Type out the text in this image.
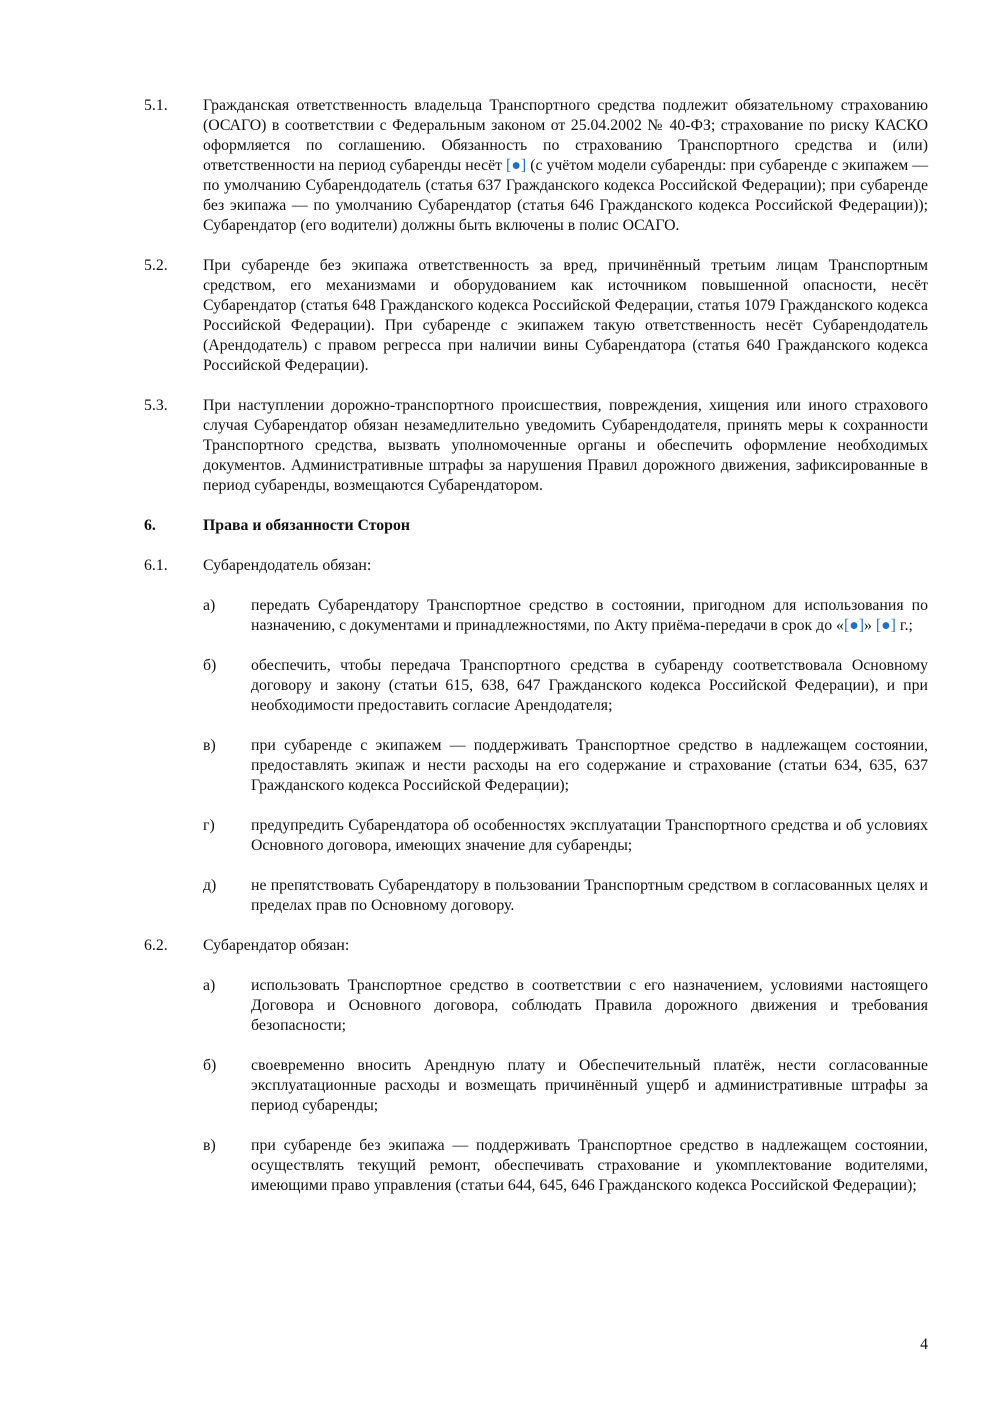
5.1.	Гражданская ответственность владельца Транспортного средства подлежит обязательному страхованию (ОСАГО) в соответствии с Федеральным законом от 25.04.2002 № 40-ФЗ; страхование по риску КАСКО оформляется по соглашению. Обязанность по страхованию Транспортного средства и (или) ответственности на период субаренды несёт [●] (с учётом модели субаренды: при субаренде с экипажем — по умолчанию Субарендодатель (статья 637 Гражданского кодекса Российской Федерации); при субаренде без экипажа — по умолчанию Субарендатор (статья 646 Гражданского кодекса Российской Федерации)); Субарендатор (его водители) должны быть включены в полис ОСАГО.
5.2.	При субаренде без экипажа ответственность за вред, причинённый третьим лицам Транспортным средством, его механизмами и оборудованием как источником повышенной опасности, несёт Субарендатор (статья 648 Гражданского кодекса Российской Федерации, статья 1079 Гражданского кодекса Российской Федерации). При субаренде с экипажем такую ответственность несёт Субарендодатель (Арендодатель) с правом регресса при наличии вины Субарендатора (статья 640 Гражданского кодекса Российской Федерации).
5.3.	При наступлении дорожно-транспортного происшествия, повреждения, хищения или иного страхового случая Субарендатор обязан незамедлительно уведомить Субарендодателя, принять меры к сохранности Транспортного средства, вызвать уполномоченные органы и обеспечить оформление необходимых документов. Административные штрафы за нарушения Правил дорожного движения, зафиксированные в период субаренды, возмещаются Субарендатором.
6.	Права и обязанности Сторон
6.1.	Субарендодатель обязан:
а)	передать Субарендатору Транспортное средство в состоянии, пригодном для использования по назначению, с документами и принадлежностями, по Акту приёма-передачи в срок до «[●]» [●] г.;
б)	обеспечить, чтобы передача Транспортного средства в субаренду соответствовала Основному договору и закону (статьи 615, 638, 647 Гражданского кодекса Российской Федерации), и при необходимости предоставить согласие Арендодателя;
в)	при субаренде с экипажем — поддерживать Транспортное средство в надлежащем состоянии, предоставлять экипаж и нести расходы на его содержание и страхование (статьи 634, 635, 637 Гражданского кодекса Российской Федерации);
г)	предупредить Субарендатора об особенностях эксплуатации Транспортного средства и об условиях Основного договора, имеющих значение для субаренды;
д)	не препятствовать Субарендатору в пользовании Транспортным средством в согласованных целях и пределах прав по Основному договору.
6.2.	Субарендатор обязан:
а)	использовать Транспортное средство в соответствии с его назначением, условиями настоящего Договора и Основного договора, соблюдать Правила дорожного движения и требования безопасности;
б)	своевременно вносить Арендную плату и Обеспечительный платёж, нести согласованные эксплуатационные расходы и возмещать причинённый ущерб и административные штрафы за период субаренды;
в)	при субаренде без экипажа — поддерживать Транспортное средство в надлежащем состоянии, осуществлять текущий ремонт, обеспечивать страхование и укомплектование водителями, имеющими право управления (статьи 644, 645, 646 Гражданского кодекса Российской Федерации);
4
